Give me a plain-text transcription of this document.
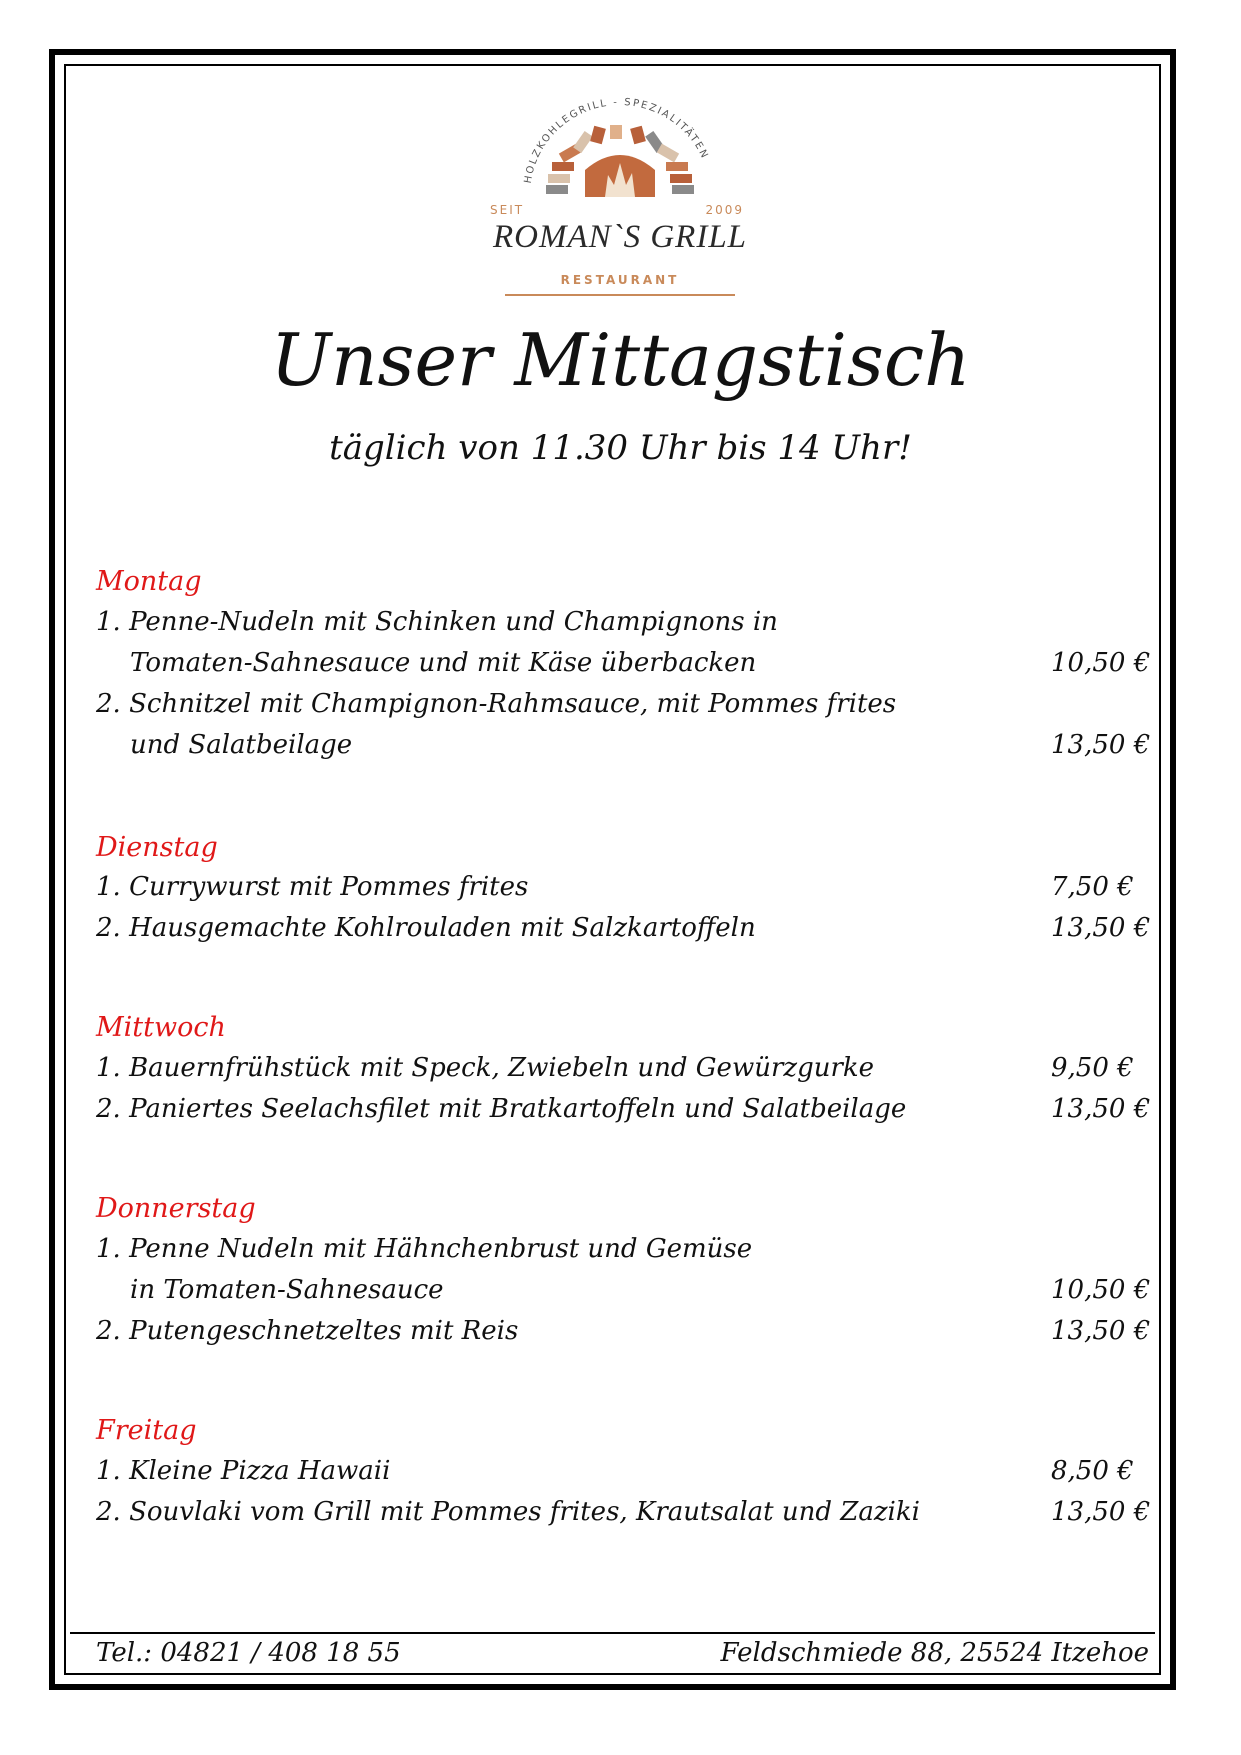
HOLZKOHLEGRILL - SPEZIALITÄTEN
SEIT	2009
ROMAN`S GRILL
RESTAURANT
Unser Mittagstisch
täglich von 11.30 Uhr bis 14 Uhr!
Montag
1. Penne-Nudeln mit Schinken und Champignons in
Tomaten-Sahnesauce und mit Käse überbacken	10,50 €
2. Schnitzel mit Champignon-Rahmsauce, mit Pommes frites
und Salatbeilage	13,50 €
Dienstag
1. Currywurst mit Pommes frites	7,50 €
2. Hausgemachte Kohlrouladen mit Salzkartoffeln	13,50 €
Mittwoch
1. Bauernfrühstück mit Speck, Zwiebeln und Gewürzgurke	9,50 €
2. Paniertes Seelachsfilet mit Bratkartoffeln und Salatbeilage	13,50 €
Donnerstag
1. Penne Nudeln mit Hähnchenbrust und Gemüse
in Tomaten-Sahnesauce	10,50 €
2. Putengeschnetzeltes mit Reis	13,50 €
Freitag
1. Kleine Pizza Hawaii	8,50 €
2. Souvlaki vom Grill mit Pommes frites, Krautsalat und Zaziki	13,50 €
Tel.: 04821 / 408 18 55	Feldschmiede 88, 25524 Itzehoe
